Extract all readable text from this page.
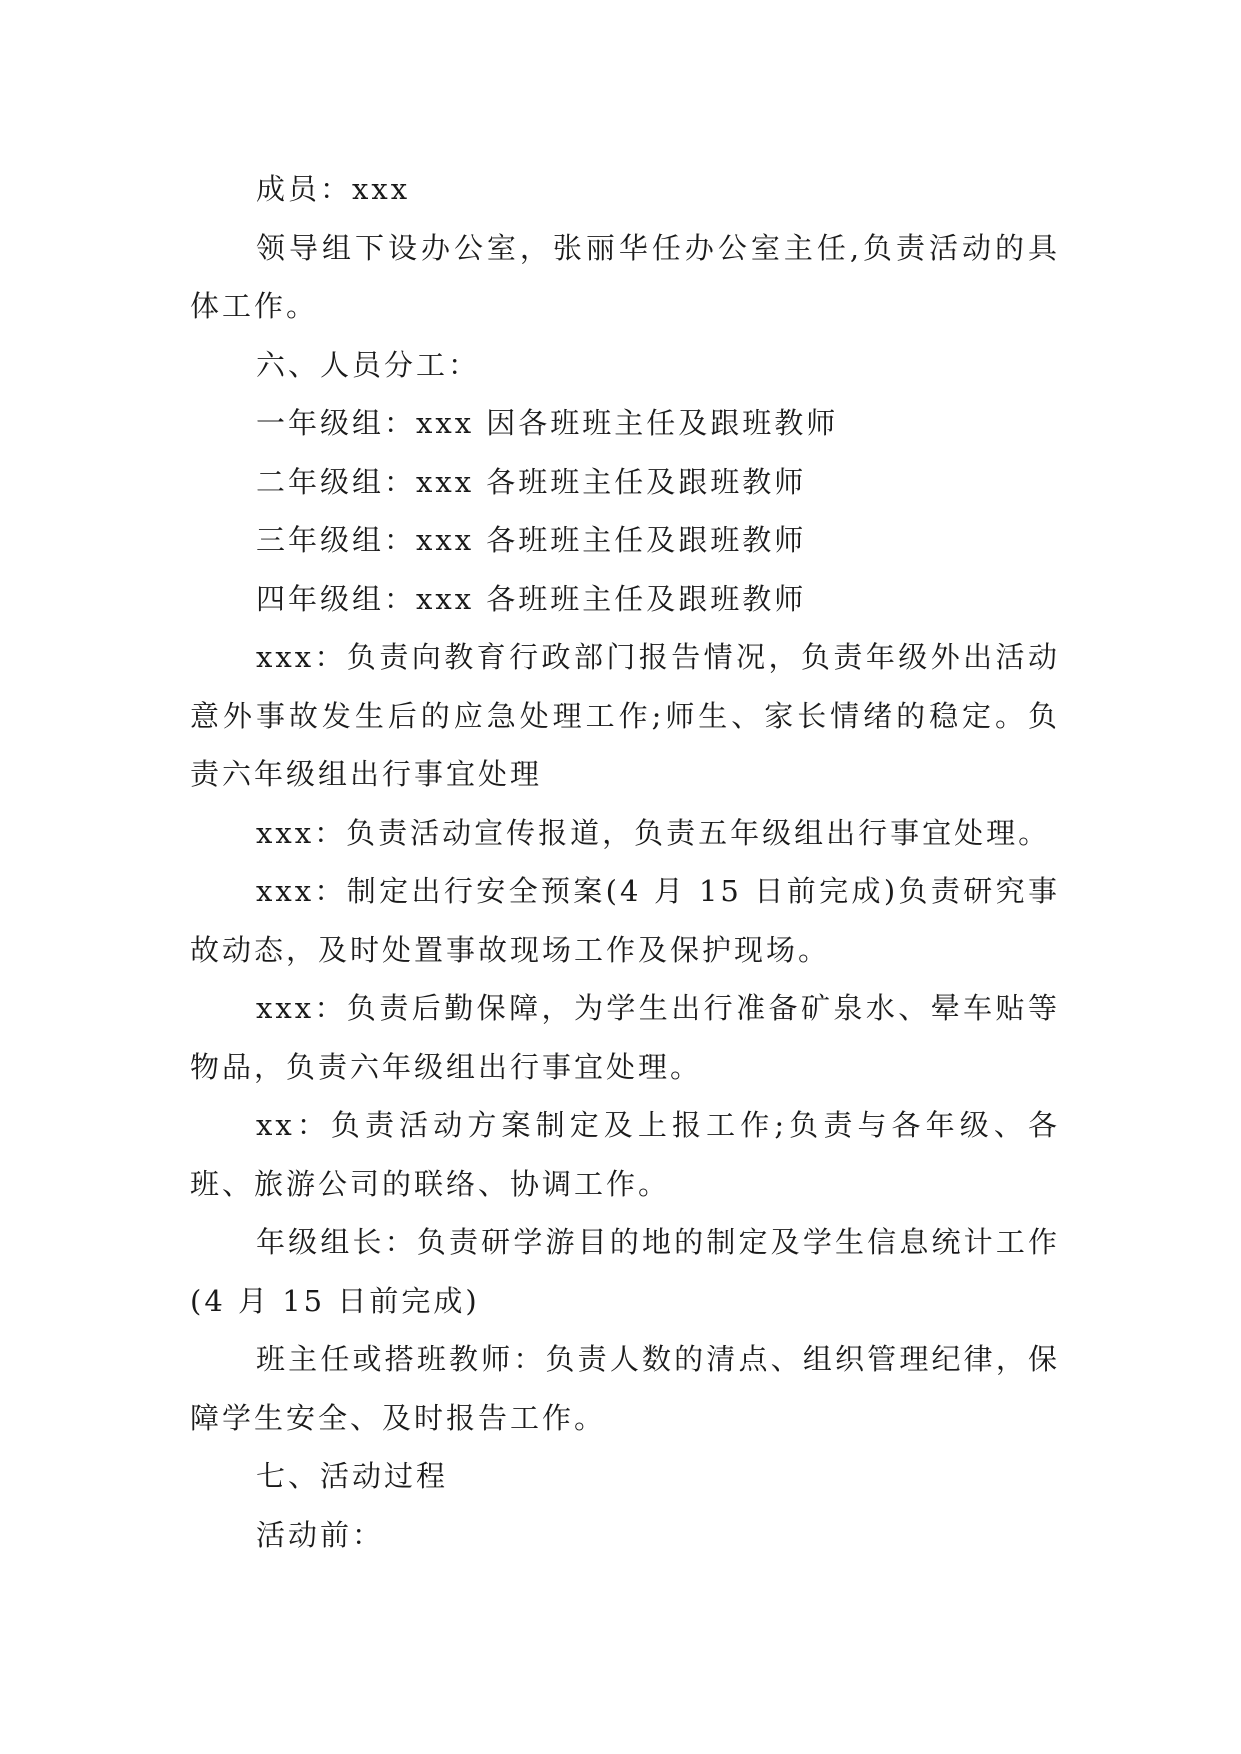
成员：xxx

领导组下设办公室，张丽华任办公室主任,负责活动的具体工作。

六、人员分工：

一年级组：xxx 因各班班主任及跟班教师

二年级组：xxx 各班班主任及跟班教师

三年级组：xxx 各班班主任及跟班教师

四年级组：xxx 各班班主任及跟班教师

xxx：负责向教育行政部门报告情况，负责年级外出活动意外事故发生后的应急处理工作;师生、家长情绪的稳定。负责六年级组出行事宜处理

xxx：负责活动宣传报道，负责五年级组出行事宜处理。

xxx：制定出行安全预案(4 月 15 日前完成)负责研究事故动态，及时处置事故现场工作及保护现场。

xxx：负责后勤保障，为学生出行准备矿泉水、晕车贴等物品，负责六年级组出行事宜处理。

xx：负责活动方案制定及上报工作;负责与各年级、各班、旅游公司的联络、协调工作。

年级组长：负责研学游目的地的制定及学生信息统计工作(4 月 15 日前完成)

班主任或搭班教师：负责人数的清点、组织管理纪律，保障学生安全、及时报告工作。

七、活动过程

活动前：
